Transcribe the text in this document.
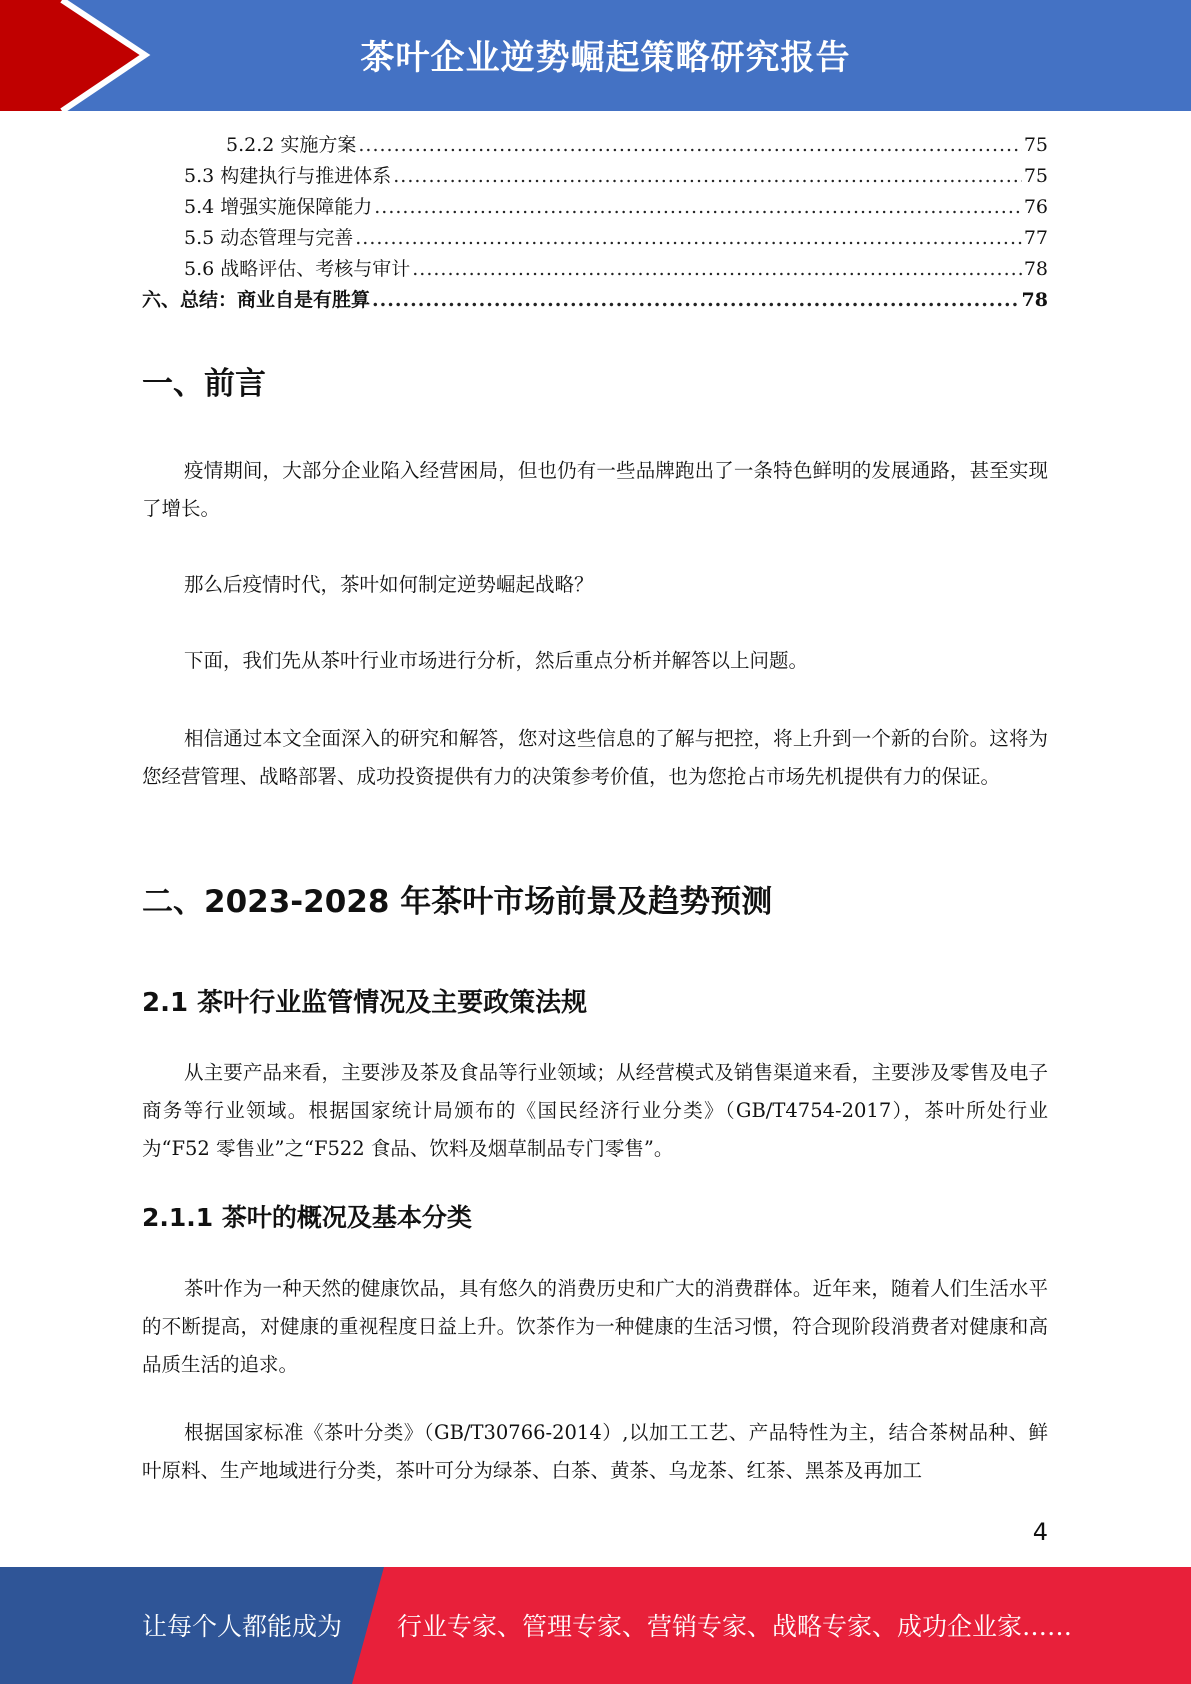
茶叶企业逆势崛起策略研究报告
5.2.2 实施方案 .....	75
5.3 构建执行与推进体系 .....	75
5.4 增强实施保障能力 .....	76
5.5 动态管理与完善 .....	77
5.6 战略评估、考核与审计 .....	78
六、总结：商业自是有胜算 .....	78
一、前言
疫情期间，大部分企业陷入经营困局，但也仍有一些品牌跑出了一条特色鲜明的发展通路，甚至实现了增长。
那么后疫情时代，茶叶如何制定逆势崛起战略？
下面，我们先从茶叶行业市场进行分析，然后重点分析并解答以上问题。
相信通过本文全面深入的研究和解答，您对这些信息的了解与把控，将上升到一个新的台阶。这将为您经营管理、战略部署、成功投资提供有力的决策参考价值，也为您抢占市场先机提供有力的保证。
二、2023-2028 年茶叶市场前景及趋势预测
2.1 茶叶行业监管情况及主要政策法规
从主要产品来看，主要涉及茶及食品等行业领域；从经营模式及销售渠道来看，主要涉及零售及电子商务等行业领域。根据国家统计局颁布的《国民经济行业分类》（GB/T4754-2017），茶叶所处行业为“F52 零售业”之“F522 食品、饮料及烟草制品专门零售”。
2.1.1 茶叶的概况及基本分类
茶叶作为一种天然的健康饮品，具有悠久的消费历史和广大的消费群体。近年来，随着人们生活水平的不断提高，对健康的重视程度日益上升。饮茶作为一种健康的生活习惯，符合现阶段消费者对健康和高品质生活的追求。
根据国家标准《茶叶分类》（GB/T30766-2014）,以加工工艺、产品特性为主，结合茶树品种、鲜叶原料、生产地域进行分类，茶叶可分为绿茶、白茶、黄茶、乌龙茶、红茶、黑茶及再加工
4
让每个人都能成为 行业专家、管理专家、营销专家、战略专家、成功企业家……
